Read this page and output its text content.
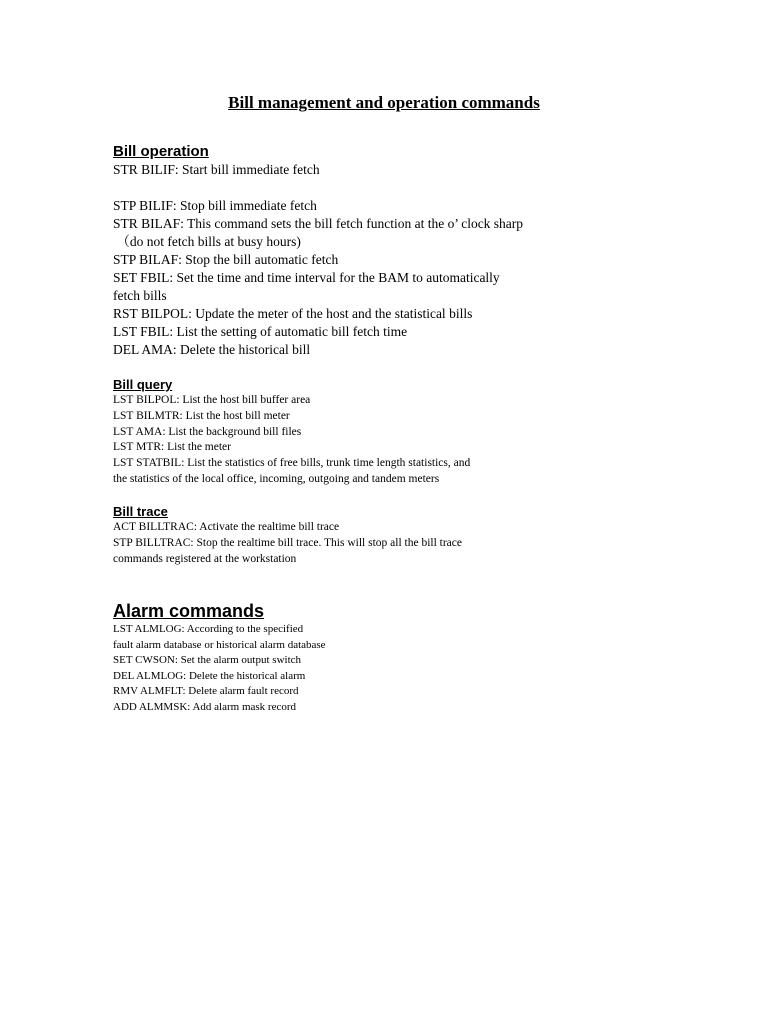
Bill management and operation commands
Bill operation
STR BILIF: Start bill immediate fetch
STP BILIF: Stop bill immediate fetch
STR BILAF: This command sets the bill fetch function at the o’ clock sharp
（do not fetch bills at busy hours)
STP BILAF: Stop the bill automatic fetch
SET FBIL: Set the time and time interval for the BAM to automatically
fetch bills
RST BILPOL: Update the meter of the host and the statistical bills
LST FBIL: List the setting of automatic bill fetch time
DEL AMA: Delete the historical bill
Bill query
LST BILPOL: List the host bill buffer area
LST BILMTR: List the host bill meter
LST AMA: List the background bill files
LST MTR: List the meter
LST STATBIL: List the statistics of free bills, trunk time length statistics, and
the statistics of the local office, incoming, outgoing and tandem meters
Bill trace
ACT BILLTRAC: Activate the realtime bill trace
STP BILLTRAC: Stop the realtime bill trace. This will stop all the bill trace
commands registered at the workstation
Alarm commands
LST ALMLOG: According to the specified
fault alarm database or historical alarm database
SET CWSON: Set the alarm output switch
DEL ALMLOG: Delete the historical alarm
RMV ALMFLT: Delete alarm fault record
ADD ALMMSK: Add alarm mask record
